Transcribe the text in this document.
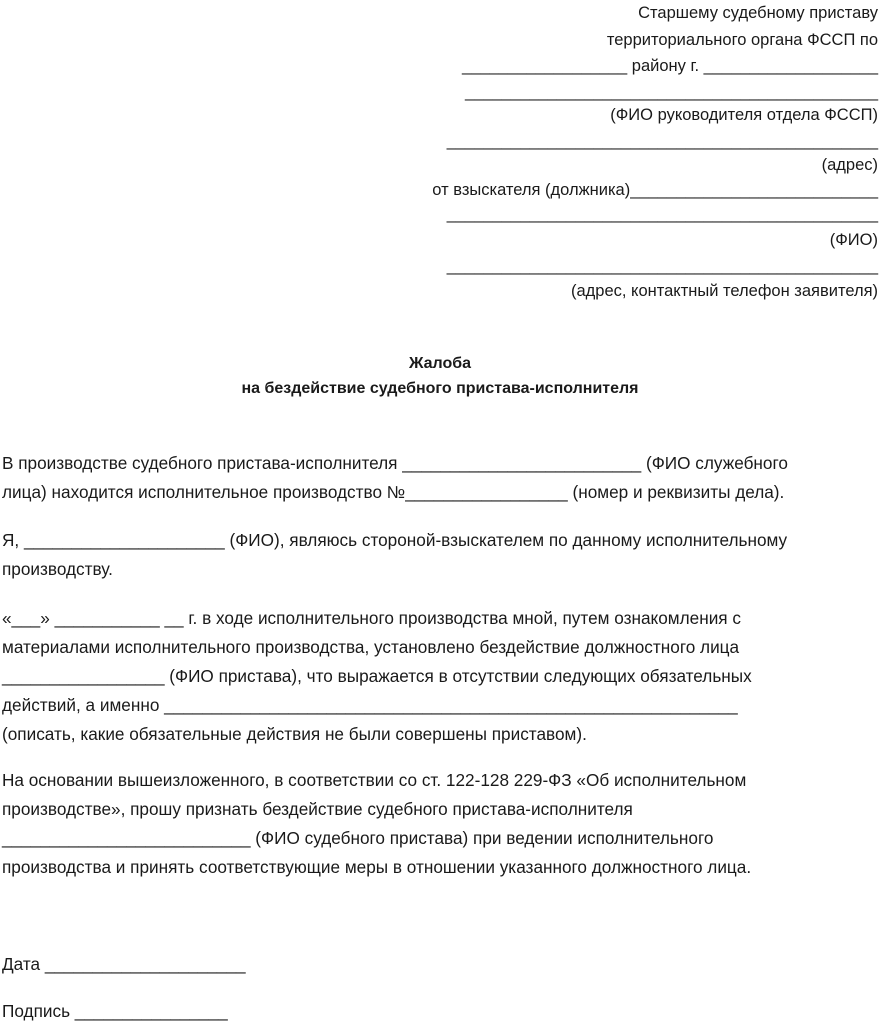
Старшему судебному приставу
территориального органа ФССП по
__________________ району г. ___________________
_____________________________________________
(ФИО руководителя отдела ФССП)
_______________________________________________
(адрес)
от взыскателя (должника)___________________________
_______________________________________________
(ФИО)
_______________________________________________
(адрес, контактный телефон заявителя)
Жалоба
на бездействие судебного пристава-исполнителя
В производстве судебного пристава-исполнителя _________________________ (ФИО служебного
лица) находится исполнительное производство №_________________ (номер и реквизиты дела).
Я, _____________________ (ФИО), являюсь стороной-взыскателем по данному исполнительному
производству.
«___» ___________ __ г. в ходе исполнительного производства мной, путем ознакомления с
материалами исполнительного производства, установлено бездействие должностного лица
_________________ (ФИО пристава), что выражается в отсутствии следующих обязательных
действий, а именно ____________________________________________________________
(описать, какие обязательные действия не были совершены приставом).
На основании вышеизложенного, в соответствии со ст. 122-128 229-ФЗ «Об исполнительном
производстве», прошу признать бездействие судебного пристава-исполнителя
__________________________ (ФИО судебного пристава) при ведении исполнительного
производства и принять соответствующие меры в отношении указанного должностного лица.
Дата _____________________
Подпись ________________
